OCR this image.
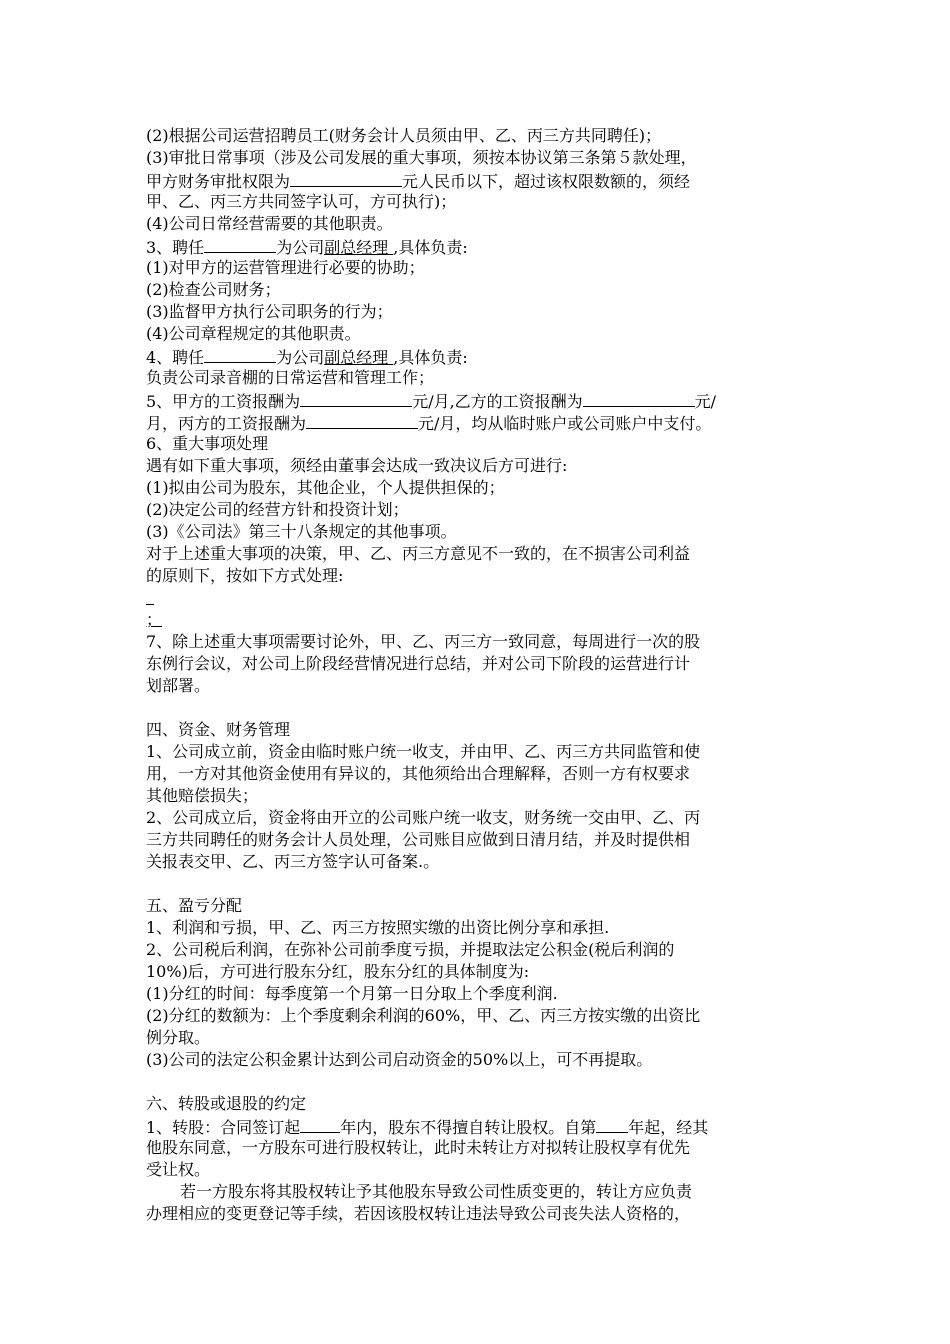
(2)根据公司运营招聘员工(财务会计人员须由甲、乙、丙三方共同聘任)；
(3)审批日常事项（涉及公司发展的重大事项，须按本协议第三条第５款处理，
甲方财务审批权限为	元人民币以下，超过该权限数额的，须经
甲、乙、丙三方共同签字认可，方可执行)；
(4)公司日常经营需要的其他职责。
3、聘任	为公司副总经理 ,具体负责:
(1)对甲方的运营管理进行必要的协助；
(2)检查公司财务；
(3)监督甲方执行公司职务的行为；
(4)公司章程规定的其他职责。
4、聘任	为公司副总经理 ,具体负责:
负责公司录音棚的日常运营和管理工作；
5、甲方的工资报酬为	元/月,乙方的工资报酬为	元/
月，丙方的工资报酬为	元/月，均从临时账户或公司账户中支付。
6、重大事项处理
遇有如下重大事项，须经由董事会达成一致决议后方可进行:
(1)拟由公司为股东，其他企业，个人提供担保的；
(2)决定公司的经营方针和投资计划；
(3)《公司法》第三十八条规定的其他事项。
对于上述重大事项的决策，甲、乙、丙三方意见不一致的，在不损害公司利益
的原则下，按如下方式处理:
；
7、除上述重大事项需要讨论外，甲、乙、丙三方一致同意，每周进行一次的股
东例行会议，对公司上阶段经营情况进行总结，并对公司下阶段的运营进行计
划部署。
四、资金、财务管理
1、公司成立前，资金由临时账户统一收支，并由甲、乙、丙三方共同监管和使
用，一方对其他资金使用有异议的，其他须给出合理解释，否则一方有权要求
其他赔偿损失；
2、公司成立后，资金将由开立的公司账户统一收支，财务统一交由甲、乙、丙
三方共同聘任的财务会计人员处理，公司账目应做到日清月结，并及时提供相
关报表交甲、乙、丙三方签字认可备案.。
五、盈亏分配
1、利润和亏损，甲、乙、丙三方按照实缴的出资比例分享和承担.
2、公司税后利润，在弥补公司前季度亏损，并提取法定公积金(税后利润的
10%)后，方可进行股东分红，股东分红的具体制度为:
(1)分红的时间：每季度第一个月第一日分取上个季度利润.
(2)分红的数额为：上个季度剩余利润的60%，甲、乙、丙三方按实缴的出资比
例分取。
(3)公司的法定公积金累计达到公司启动资金的50%以上，可不再提取。
六、转股或退股的约定
1、转股：合同签订起	年内，股东不得擅自转让股权。自第 年起，经其
他股东同意，一方股东可进行股权转让，此时未转让方对拟转让股权享有优先
受让权。
若一方股东将其股权转让予其他股东导致公司性质变更的，转让方应负责
办理相应的变更登记等手续，若因该股权转让违法导致公司丧失法人资格的，
